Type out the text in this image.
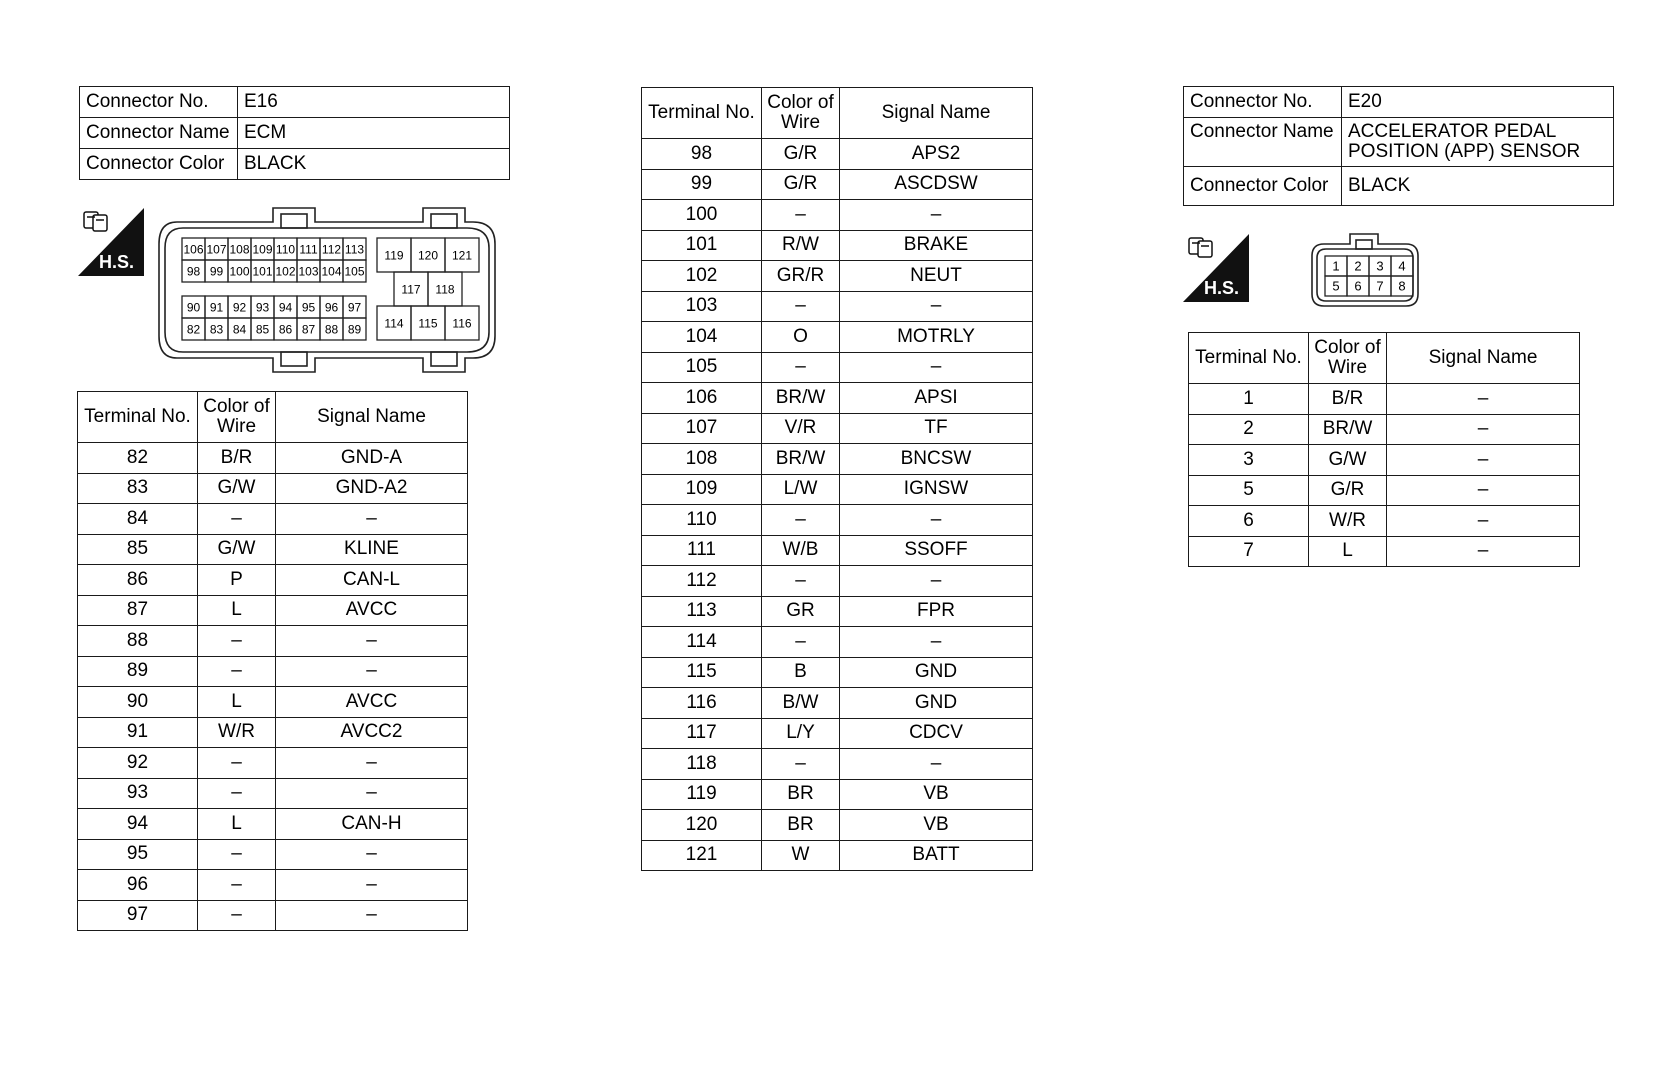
Connector No.	E16
Connector Name	ECM
Connector Color	BLACK
H.S.
106 107 108 109 110 111 112 113
98 99 100 101 102 103 104 105
90 91 92 93 94 95 96 97
82 83 84 85 86 87 88 89
119 120 121
117 118
114 115 116
Terminal No.	Color of Wire	Signal Name
82	B/R	GND-A
83	G/W	GND-A2
84	–	–
85	G/W	KLINE
86	P	CAN-L
87	L	AVCC
88	–	–
89	–	–
90	L	AVCC
91	W/R	AVCC2
92	–	–
93	–	–
94	L	CAN-H
95	–	–
96	–	–
97	–	–
Terminal No.	Color of Wire	Signal Name
98	G/R	APS2
99	G/R	ASCDSW
100	–	–
101	R/W	BRAKE
102	GR/R	NEUT
103	–	–
104	O	MOTRLY
105	–	–
106	BR/W	APSI
107	V/R	TF
108	BR/W	BNCSW
109	L/W	IGNSW
110	–	–
111	W/B	SSOFF
112	–	–
113	GR	FPR
114	–	–
115	B	GND
116	B/W	GND
117	L/Y	CDCV
118	–	–
119	BR	VB
120	BR	VB
121	W	BATT
Connector No.	E20
Connector Name	ACCELERATOR PEDAL POSITION (APP) SENSOR
Connector Color	BLACK
H.S.
1 2 3 4
5 6 7 8
Terminal No.	Color of Wire	Signal Name
1	B/R	–
2	BR/W	–
3	G/W	–
5	G/R	–
6	W/R	–
7	L	–
